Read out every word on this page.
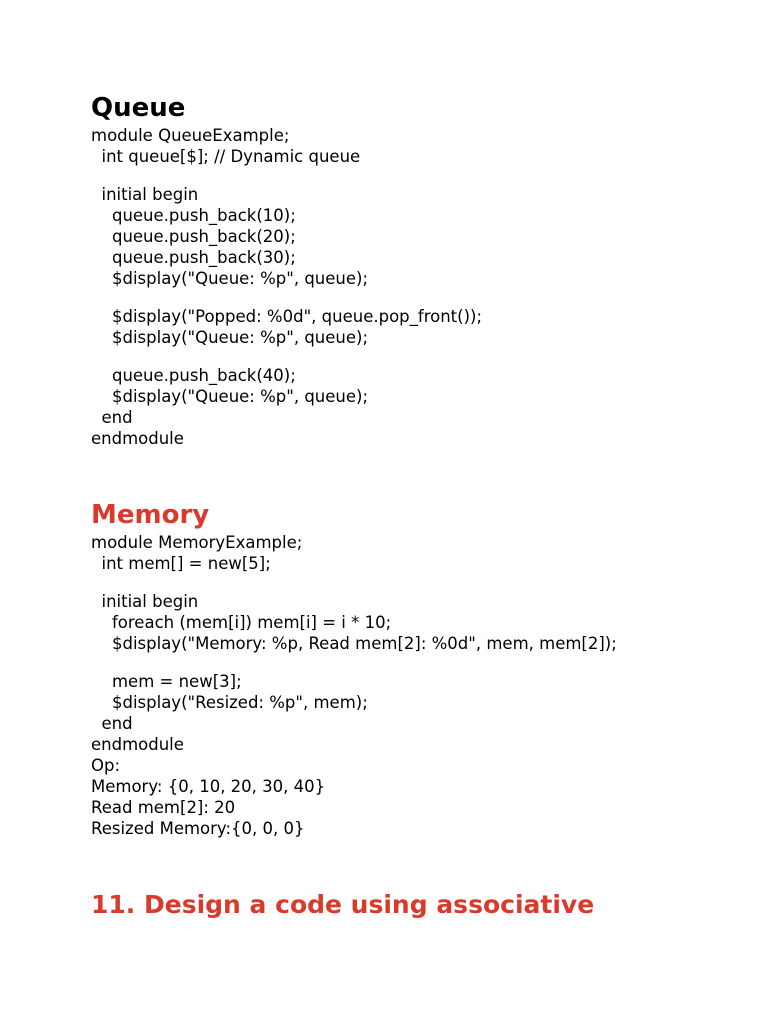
Queue
module QueueExample;
int queue[$]; // Dynamic queue
initial begin
queue.push_back(10);
queue.push_back(20);
queue.push_back(30);
$display("Queue: %p", queue);
$display("Popped: %0d", queue.pop_front());
$display("Queue: %p", queue);
queue.push_back(40);
$display("Queue: %p", queue);
end
endmodule
Memory
module MemoryExample;
int mem[] = new[5];
initial begin
foreach (mem[i]) mem[i] = i * 10;
$display("Memory: %p, Read mem[2]: %0d", mem, mem[2]);
mem = new[3];
$display("Resized: %p", mem);
end
endmodule
Op:
Memory: {0, 10, 20, 30, 40}
Read mem[2]: 20
Resized Memory:{0, 0, 0}
11. Design a code using associative
